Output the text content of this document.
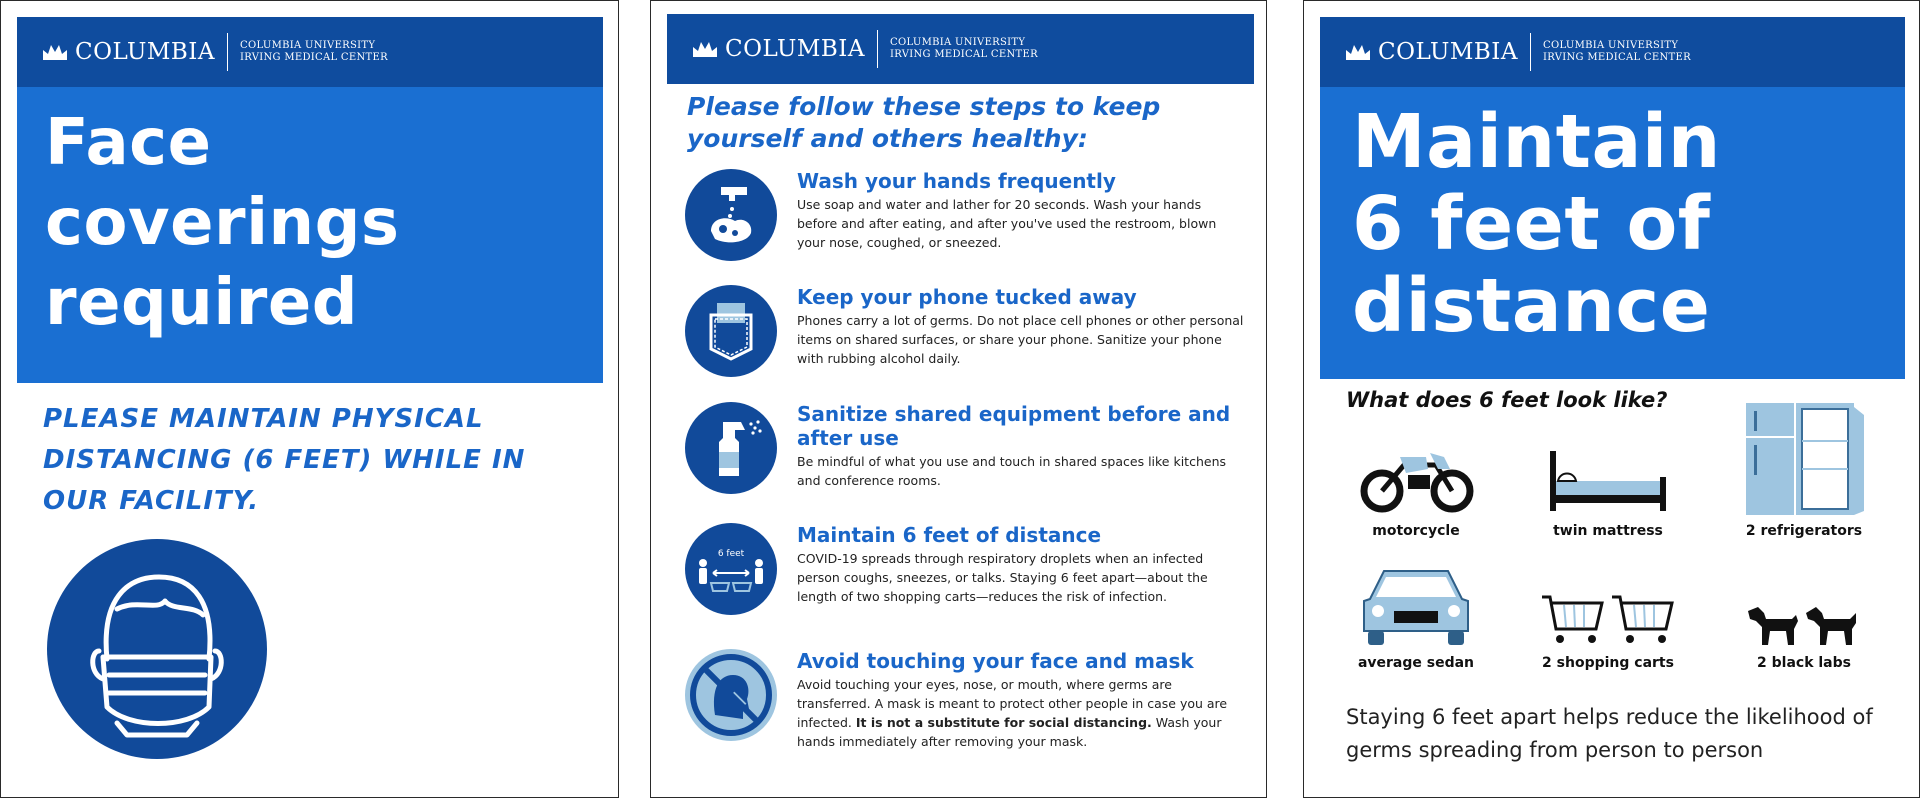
COLUMBIA	COLUMBIA UNIVERSITY
IRVING MEDICAL CENTER
Face
coverings
required
PLEASE MAINTAIN PHYSICAL DISTANCING (6 FEET) WHILE IN OUR FACILITY.
COLUMBIA	COLUMBIA UNIVERSITY
IRVING MEDICAL CENTER
Please follow these steps to keep yourself and others healthy:
Wash your hands frequently
Use soap and water and lather for 20 seconds. Wash your hands before and after eating, and after you've used the restroom, blown your nose, coughed, or sneezed.
Keep your phone tucked away
Phones carry a lot of germs. Do not place cell phones or other personal items on shared surfaces, or share your phone. Sanitize your phone with rubbing alcohol daily.
Sanitize shared equipment before and after use
Be mindful of what you use and touch in shared spaces like kitchens and conference rooms.
6 feet
Maintain 6 feet of distance
COVID-19 spreads through respiratory droplets when an infected person coughs, sneezes, or talks. Staying 6 feet apart—about the length of two shopping carts—reduces the risk of infection.
Avoid touching your face and mask
Avoid touching your eyes, nose, or mouth, where germs are transferred. A mask is meant to protect other people in case you are infected. It is not a substitute for social distancing. Wash your hands immediately after removing your mask.
COLUMBIA	COLUMBIA UNIVERSITY
IRVING MEDICAL CENTER
Maintain
6 feet of
distance
What does 6 feet look like?
motorcycle	twin mattress	2 refrigerators
average sedan	2 shopping carts	2 black labs
Staying 6 feet apart helps reduce the likelihood of germs spreading from person to person
